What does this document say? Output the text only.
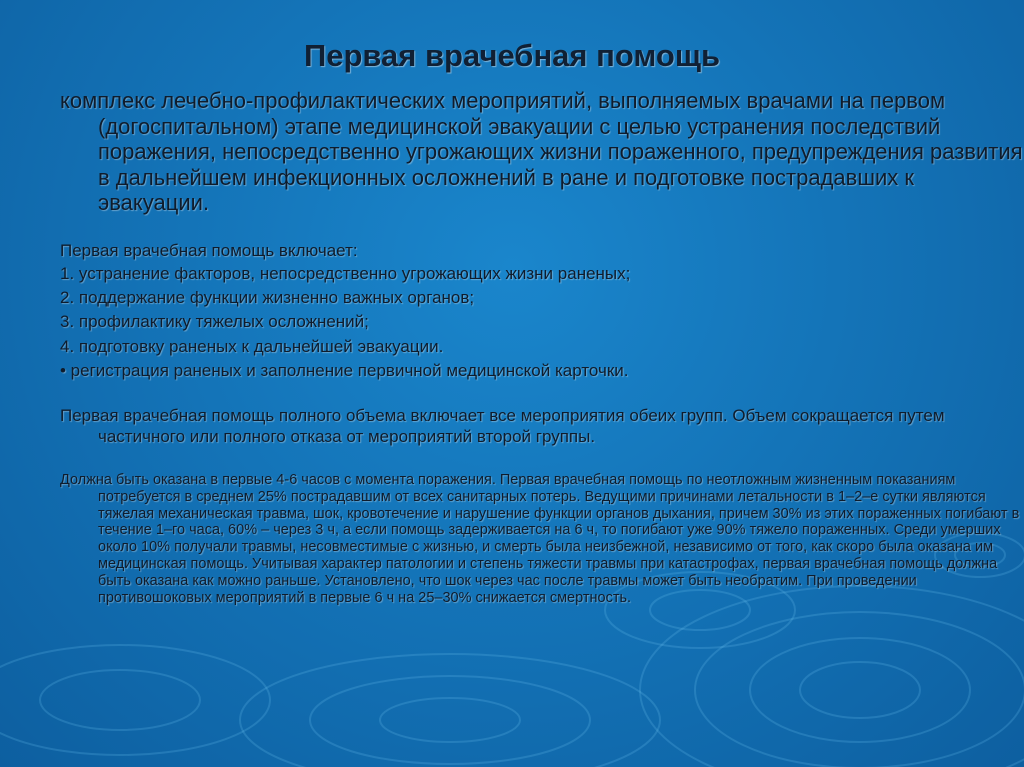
Первая врачебная помощь
комплекс лечебно-профилактических мероприятий, выполняемых врачами на первом (догоспитальном) этапе медицинской эвакуации с целью устранения последствий поражения, непосредственно угрожающих жизни пораженного, предупреждения развития в дальнейшем инфекционных осложнений в ране и подготовке пострадавших к эвакуации.
Первая врачебная помощь включает:
1. устранение факторов, непосредственно угрожающих жизни раненых;
2. поддержание функции жизненно важных органов;
3. профилактику тяжелых осложнений;
4. подготовку раненых к дальнейшей эвакуации.
• регистрация раненых и заполнение первичной медицинской карточки.
Первая врачебная помощь полного объема включает все мероприятия обеих групп. Объем сокращается путем частичного или полного отказа от мероприятий второй группы.
Должна быть оказана в первые 4-6 часов с момента поражения. Первая врачебная помощь по неотложным жизненным показаниям потребуется в среднем 25% пострадавшим от всех санитарных потерь. Ведущими причинами летальности в 1–2–е сутки являются тяжелая механическая травма, шок, кровотечение и нарушение функции органов дыхания, причем 30% из этих пораженных погибают в течение 1–го часа, 60% – через 3 ч, а если помощь задерживается на 6 ч, то погибают уже 90% тяжело пораженных. Среди умерших около 10% получали травмы, несовместимые с жизнью, и смерть была неизбежной, независимо от того, как скоро была оказана им медицинская помощь. Учитывая характер патологии и степень тяжести травмы при катастрофах, первая врачебная помощь должна быть оказана как можно раньше. Установлено, что шок через час после травмы может быть необратим. При проведении противошоковых мероприятий в первые 6 ч на 25–30% снижается смертность.
